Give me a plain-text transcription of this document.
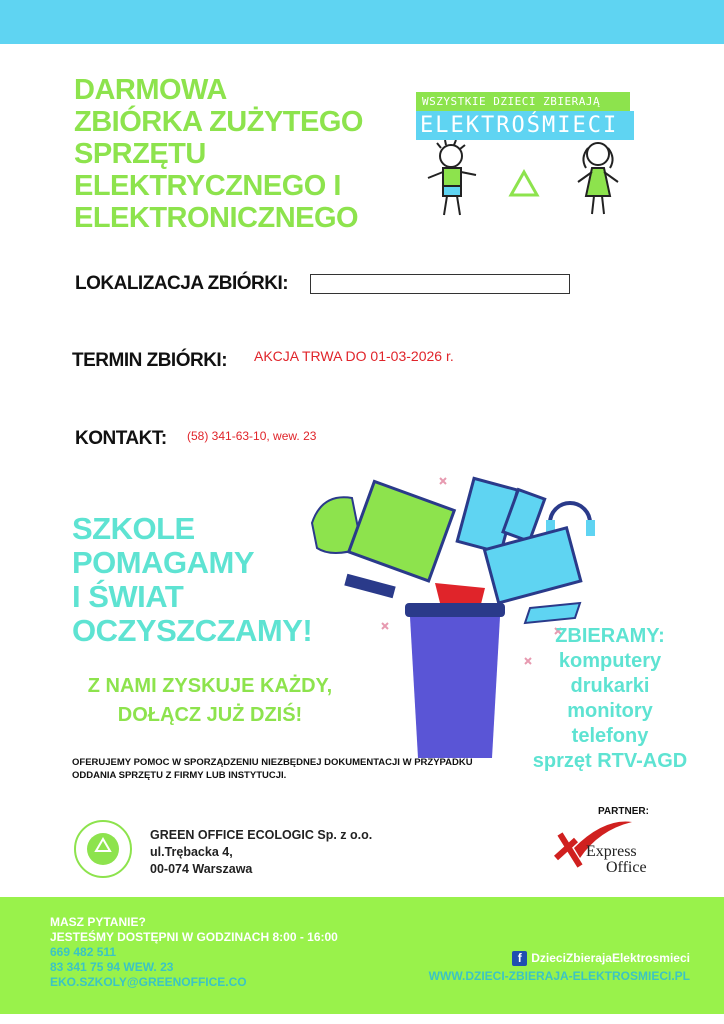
DARMOWA
ZBIÓRKA ZUŻYTEGO
SPRZĘTU
ELEKTRYCZNEGO I
ELEKTRONICZNEGO
WSZYSTKIE DZIECI ZBIERAJĄ
ELEKTROŚMIECI
LOKALIZACJA ZBIÓRKI:
TERMIN ZBIÓRKI: AKCJA TRWA DO 01-03-2026 r.
KONTAKT: (58) 341-63-10, wew. 23
SZKOLE
POMAGAMY
I ŚWIAT
OCZYSZCZAMY!
Z NAMI ZYSKUJE KAŻDY,
DOŁĄCZ JUŻ DZIŚ!
ZBIERAMY:
komputery
drukarki
monitory
telefony
sprzęt RTV-AGD
OFERUJEMY POMOC W SPORZĄDZENIU NIEZBĘDNEJ DOKUMENTACJI W PRZYPADKU
ODDANIA SPRZĘTU Z FIRMY LUB INSTYTUCJI.
GREEN OFFICE ECOLOGIC Sp. z o.o.
ul.Trębacka 4,
00-074 Warszawa
PARTNER:
Express
Office
MASZ PYTANIE?
JESTEŚMY DOSTĘPNI W GODZINACH 8:00 - 16:00
669 482 511
83 341 75 94 WEW. 23
EKO.SZKOLY@GREENOFFICE.CO
f DzieciZbierajaElektrosmieci
WWW.DZIECI-ZBIERAJA-ELEKTROSMIECI.PL
